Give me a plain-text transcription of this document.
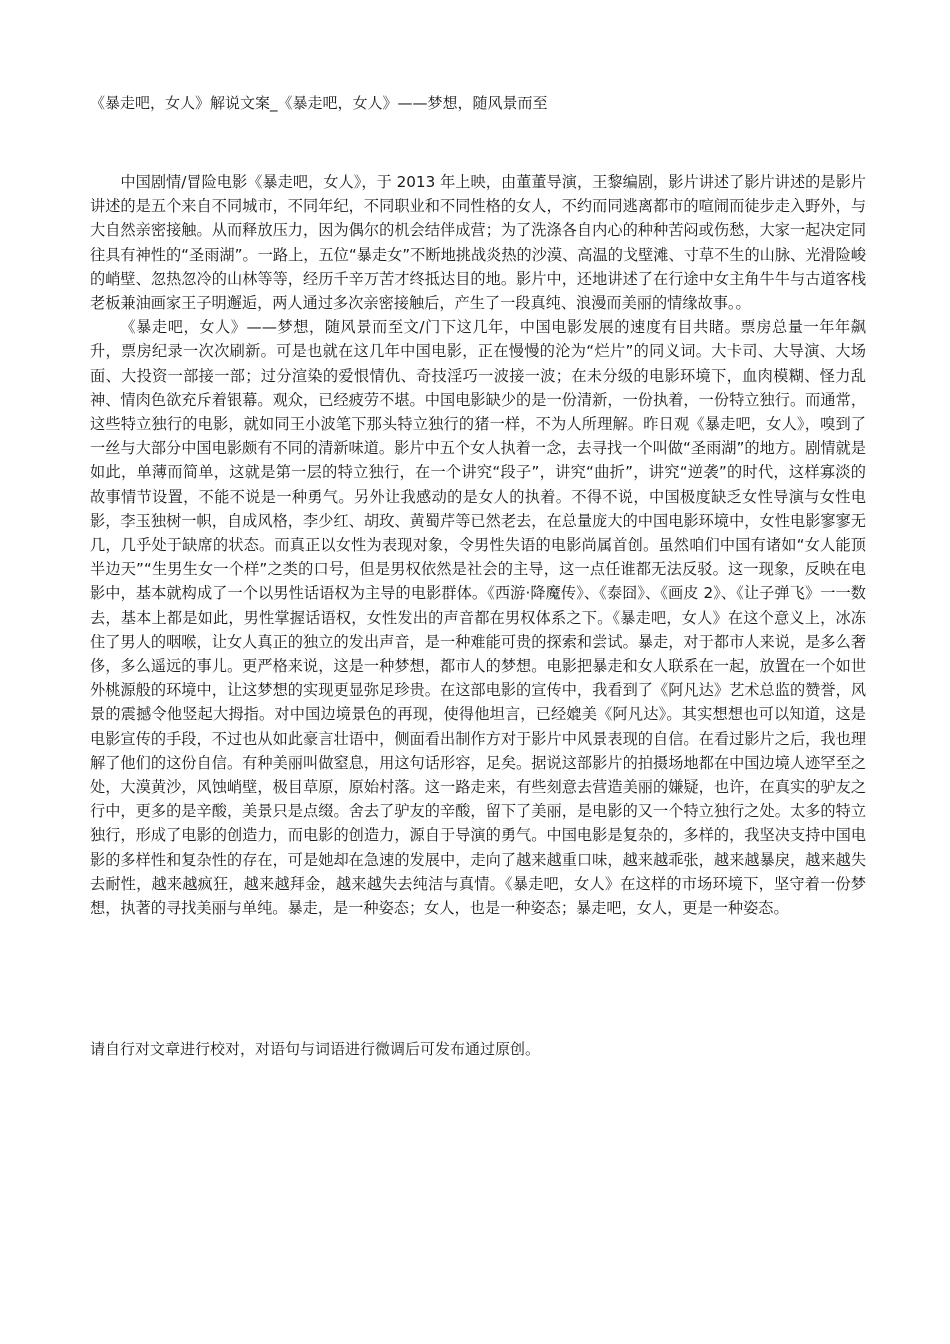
《暴走吧，女人》解说文案_《暴走吧，女人》——梦想，随风景而至

中国剧情/冒险电影《暴走吧，女人》，于 2013 年上映，由董董导演，王黎编剧，影片讲述了影片讲述的是影片讲述的是五个来自不同城市，不同年纪，不同职业和不同性格的女人，不约而同逃离都市的喧闹而徒步走入野外，与大自然亲密接触。从而释放压力，因为偶尔的机会结伴成营；为了洗涤各自内心的种种苦闷或伤愁，大家一起决定同往具有神性的“圣雨湖”。一路上，五位“暴走女”不断地挑战炎热的沙漠、高温的戈壁滩、寸草不生的山脉、光滑险峻的峭壁、忽热忽冷的山林等等，经历千辛万苦才终抵达目的地。影片中，还地讲述了在行途中女主角牛牛与古道客栈老板兼油画家王子明邂逅，两人通过多次亲密接触后，产生了一段真纯、浪漫而美丽的情缘故事。。

《暴走吧，女人》——梦想，随风景而至文/门下这几年，中国电影发展的速度有目共睹。票房总量一年年飙升，票房纪录一次次刷新。可是也就在这几年中国电影，正在慢慢的沦为“烂片”的同义词。大卡司、大导演、大场面、大投资一部接一部；过分渲染的爱恨情仇、奇技淫巧一波接一波；在未分级的电影环境下，血肉模糊、怪力乱神、情肉色欲充斥着银幕。观众，已经疲劳不堪。中国电影缺少的是一份清新，一份执着，一份特立独行。而通常，这些特立独行的电影，就如同王小波笔下那头特立独行的猪一样，不为人所理解。昨日观《暴走吧，女人》，嗅到了一丝与大部分中国电影颇有不同的清新味道。影片中五个女人执着一念，去寻找一个叫做“圣雨湖”的地方。剧情就是如此，单薄而简单，这就是第一层的特立独行，在一个讲究“段子”，讲究“曲折”，讲究“逆袭”的时代，这样寡淡的故事情节设置，不能不说是一种勇气。另外让我感动的是女人的执着。不得不说，中国极度缺乏女性导演与女性电影，李玉独树一帜，自成风格，李少红、胡玫、黄蜀芹等已然老去，在总量庞大的中国电影环境中，女性电影寥寥无几，几乎处于缺席的状态。而真正以女性为表现对象，令男性失语的电影尚属首创。虽然咱们中国有诸如“女人能顶半边天”“生男生女一个样”之类的口号，但是男权依然是社会的主导，这一点任谁都无法反驳。这一现象，反映在电影中，基本就构成了一个以男性话语权为主导的电影群体。《西游·降魔传》、《泰囧》、《画皮 2》、《让子弹飞》一一数去，基本上都是如此，男性掌握话语权，女性发出的声音都在男权体系之下。《暴走吧，女人》在这个意义上，冰冻住了男人的咽喉，让女人真正的独立的发出声音，是一种难能可贵的探索和尝试。暴走，对于都市人来说，是多么奢侈，多么遥远的事儿。更严格来说，这是一种梦想，都市人的梦想。电影把暴走和女人联系在一起，放置在一个如世外桃源般的环境中，让这梦想的实现更显弥足珍贵。在这部电影的宣传中，我看到了《阿凡达》艺术总监的赞誉，风景的震撼令他竖起大拇指。对中国边境景色的再现，使得他坦言，已经媲美《阿凡达》。其实想想也可以知道，这是电影宣传的手段，不过也从如此豪言壮语中，侧面看出制作方对于影片中风景表现的自信。在看过影片之后，我也理解了他们的这份自信。有种美丽叫做窒息，用这句话形容，足矣。据说这部影片的拍摄场地都在中国边境人迹罕至之处，大漠黄沙，风蚀峭壁，极目草原，原始村落。这一路走来，有些刻意去营造美丽的嫌疑，也许，在真实的驴友之行中，更多的是辛酸，美景只是点缀。舍去了驴友的辛酸，留下了美丽，是电影的又一个特立独行之处。太多的特立独行，形成了电影的创造力，而电影的创造力，源自于导演的勇气。中国电影是复杂的，多样的，我坚决支持中国电影的多样性和复杂性的存在，可是她却在急速的发展中，走向了越来越重口味，越来越乖张，越来越暴戾，越来越失去耐性，越来越疯狂，越来越拜金，越来越失去纯洁与真情。《暴走吧，女人》在这样的市场环境下，坚守着一份梦想，执著的寻找美丽与单纯。暴走，是一种姿态；女人，也是一种姿态；暴走吧，女人，更是一种姿态。

请自行对文章进行校对，对语句与词语进行微调后可发布通过原创。
